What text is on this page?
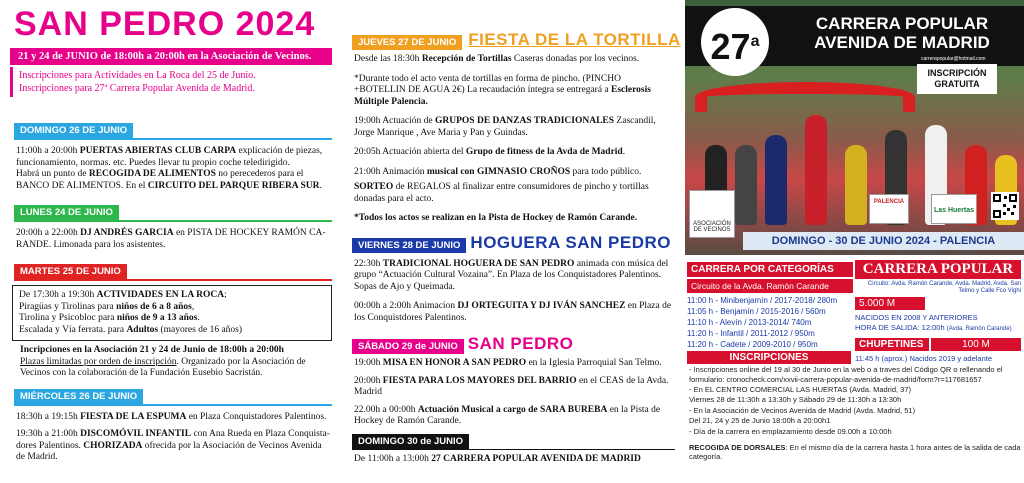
SAN PEDRO 2024
21 y 24 de JUNIO de 18:00h a 20:00h en la Asociación de Vecinos.
Inscripciones para Actividades en La Roca del 25 de Junio.
Inscripciones para 27ª Carrera Popular Avenida de Madrid.
DOMINGO 26 DE JUNIO
11:00h a 20:00h PUERTAS ABIERTAS CLUB CARPA explicación de piezas, funcionamiento, normas. etc. Puedes llevar tu propio coche teledirigido.
Habrá un punto de RECOGIDA DE ALIMENTOS no perecederos para el BANCO DE ALIMENTOS. En el CIRCUITO DEL PARQUE RIBERA SUR.
LUNES 24 DE JUNIO
20:00h a 22:00h DJ ANDRÉS GARCIA en PISTA DE HOCKEY RAMÓN CA-RANDE. Limonada para los asistentes.
MARTES 25 DE JUNIO
De 17:30h a 19:30h ACTIVIDADES EN LA ROCA;
Piragüas y Tirolinas para niños de 6 a 8 años,
Tirolina y Psicobloc para niños de 9 a 13 años.
Escalada y Vía ferrata. para Adultos (mayores de 16 años)
Incripciones en la Asociación 21 y 24 de Junio de 18:00h a 20:00h
Plazas limitadas por orden de inscripción. Organizado por la Asociación de Vecinos con la colaboración de la Fundación Eusebio Sacristán.
MIÉRCOLES 26 DE JUNIO
18:30h a 19:15h FIESTA DE LA ESPUMA en Plaza Conquistadores Palentinos.
19:30h a 21:00h DISCOMÓVIL INFANTIL con Ana Rueda en Plaza Conquista-dores Palentinos. CHORIZADA ofrecida por la Asociación de Vecinos Avenida de Madrid.
JUEVES 27 DE JUNIO FIESTA DE LA TORTILLA
Desde las 18:30h Recepción de Tortillas Caseras donadas por los vecinos.
*Durante todo el acto venta de tortillas en forma de pincho. (PINCHO +BOTELLIN DE AGUA 2€) La recaudación íntegra se entregará a Esclerosis Múltiple Palencia.
19:00h Actuación de GRUPOS DE DANZAS TRADICIONALES Zascandil, Jorge Manrique , Ave Maria y Pan y Guindas.
20:05h Actuación abierta del Grupo de fitness de la Avda de Madrid.
21:00h Animación musical con GIMNASIO CROÑOS para todo público.
SORTEO de REGALOS al finalizar entre consumidores de pincho y tortillas donadas para el acto.
*Todos los actos se realizan en la Pista de Hockey de Ramón Carande.
VIERNES 28 DE JUNIO HOGUERA SAN PEDRO
22:30h TRADICIONAL HOGUERA DE SAN PEDRO animada con música del grupo “Actuación Cultural Vozaina”. En Plaza de los Conquistadores Palentinos. Sopas de Ajo y Queimada.
00:00h a 2:00h Animacion DJ ORTEGUITA Y DJ IVÁN SANCHEZ en Plaza de los Conquistdores Palentinos.
SÁBADO 29 de JUNIO SAN PEDRO
19:00h MISA EN HONOR A SAN PEDRO en la Iglesia Parroquial San Telmo.
20:00h FIESTA PARA LOS MAYORES DEL BARRIO en el CEAS de la Avda. Madrid
22.00h a 00:00h Actuación Musical a cargo de SARA BUREBA en la Pista de Hockey de Ramón Carande.
DOMINGO 30 de JUNIO
De 11:00h a 13:00h 27 CARRERA POPULAR AVENIDA DE MADRID
27$^a$
CARRERA POPULAR
AVENIDA DE MADRID
INSCRIPCIÓN
GRATUITA
carrerapopular@hotmail.com
ASOCIACIÓN DE VECINOS
PALENCIA
Las Huertas
DOMINGO - 30 DE JUNIO 2024 - PALENCIA
cronocheck.com/xxvii-carrera-popular-avenida-de-madrid/form?r=117681657
CARRERA POR CATEGORÍAS
Circuito de la Avda. Ramón Carande
11:00 h - Minibenjamín / 2017-2018/ 280m
11:05 h - Benjamín / 2015-2016 / 560m
11:10 h - Alevín / 2013-2014/ 740m
11:20 h - Infantil / 2011-2012 / 950m
11:20 h - Cadete / 2009-2010 / 950m
CARRERA POPULAR
Circuito: Avda. Ramón Carande, Avda. Madrid, Avda. San Telmo y Calle Fco Vighi
5.000 M
NACIDOS EN 2008 Y ANTERIORES
HORA DE SALIDA: 12:00h (Avda. Ramón Carande)
CHUPETINES	100 M
11:45 h (aprox.) Nacidos 2019 y adelante
INSCRIPCIONES
- Inscripciones online del 19 al 30 de Junio en la web o a traves del Código QR o rellenando el formulario: cronocheck.com/xxvii-carrera-popular-avenida-de-madrid/form?r=117681657
- En EL CENTRO COMERCIAL LAS HUERTAS (Avda. Madrid, 37)
Viernes 28 de 11:30h a 13:30h y Sábado 29 de 11:30h a 13:30h
- En la Asociación de Vecinos Avenida de Madrid (Avda. Madrid, 51)
Del 21, 24 y 25 de Junio 18:00h a 20:00h1
- Día de la carrera en emplazamiento desde 09.00h a 10:00h
RECOGIDA DE DORSALES: En el mismo día de la carrera hasta 1 hora antes de la salida de cada categoría.
